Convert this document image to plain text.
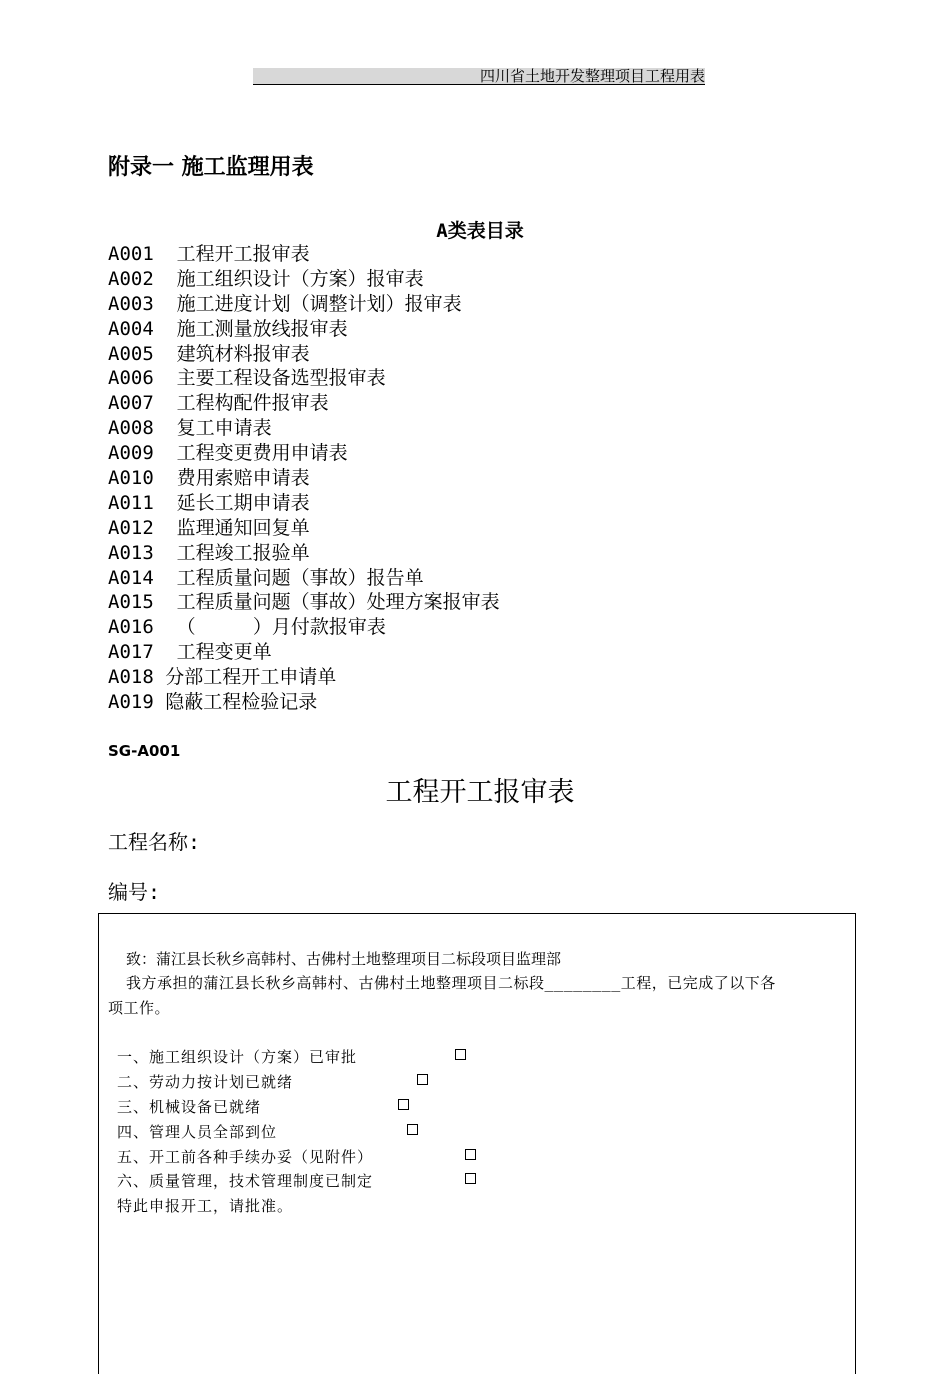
四川省土地开发整理项目工程用表
附录一 施工监理用表
A类表目录
A001  工程开工报审表
A002  施工组织设计（方案）报审表
A003  施工进度计划（调整计划）报审表
A004  施工测量放线报审表
A005  建筑材料报审表
A006  主要工程设备选型报审表
A007  工程构配件报审表
A008  复工申请表
A009  工程变更费用申请表
A010  费用索赔申请表
A011  延长工期申请表
A012  监理通知回复单
A013  工程竣工报验单
A014  工程质量问题（事故）报告单
A015  工程质量问题（事故）处理方案报审表
A016  （     ）月付款报审表
A017  工程变更单
A018 分部工程开工申请单
A019 隐蔽工程检验记录
SG-A001
工程开工报审表
工程名称:
编号:
致：蒲江县长秋乡高韩村、古佛村土地整理项目二标段项目监理部
我方承担的蒲江县长秋乡高韩村、古佛村土地整理项目二标段________工程，已完成了以下各
项工作。
一、施工组织设计（方案）已审批
二、劳动力按计划已就绪
三、机械设备已就绪
四、管理人员全部到位
五、开工前各种手续办妥（见附件）
六、质量管理，技术管理制度已制定
特此申报开工，请批准。
